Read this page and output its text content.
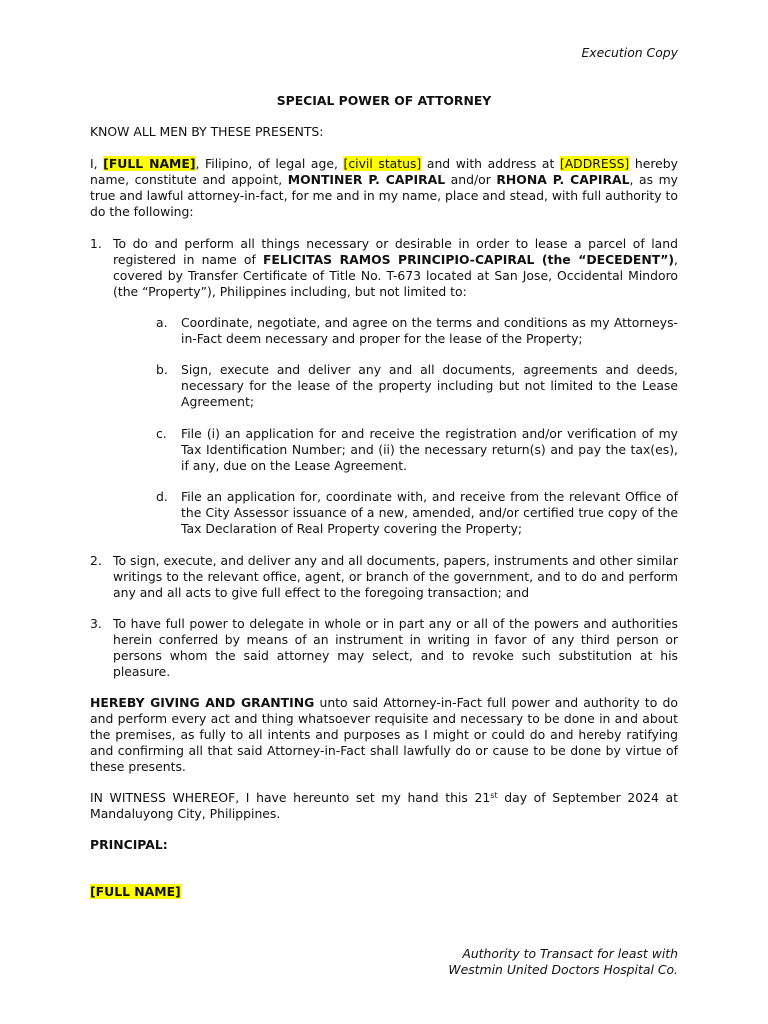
Execution Copy

SPECIAL POWER OF ATTORNEY

KNOW ALL MEN BY THESE PRESENTS:

I, [FULL NAME], Filipino, of legal age, [civil status] and with address at [ADDRESS] hereby name, constitute and appoint, MONTINER P. CAPIRAL and/or RHONA P. CAPIRAL, as my true and lawful attorney-in-fact, for me and in my name, place and stead, with full authority to do the following:

1. To do and perform all things necessary or desirable in order to lease a parcel of land registered in name of FELICITAS RAMOS PRINCIPIO-CAPIRAL (the “DECEDENT”), covered by Transfer Certificate of Title No. T-673 located at San Jose, Occidental Mindoro (the “Property”), Philippines including, but not limited to:

a.	Coordinate, negotiate, and agree on the terms and conditions as my Attorneys-in-Fact deem necessary and proper for the lease of the Property;

b.	Sign, execute and deliver any and all documents, agreements and deeds, necessary for the lease of the property including but not limited to the Lease Agreement;

c.	File (i) an application for and receive the registration and/or verification of my Tax Identification Number; and (ii) the necessary return(s) and pay the tax(es), if any, due on the Lease Agreement.

d.	File an application for, coordinate with, and receive from the relevant Office of the City Assessor issuance of a new, amended, and/or certified true copy of the Tax Declaration of Real Property covering the Property;

2. To sign, execute, and deliver any and all documents, papers, instruments and other similar writings to the relevant office, agent, or branch of the government, and to do and perform any and all acts to give full effect to the foregoing transaction; and

3. To have full power to delegate in whole or in part any or all of the powers and authorities herein conferred by means of an instrument in writing in favor of any third person or persons whom the said attorney may select, and to revoke such substitution at his pleasure.

HEREBY GIVING AND GRANTING unto said Attorney-in-Fact full power and authority to do and perform every act and thing whatsoever requisite and necessary to be done in and about the premises, as fully to all intents and purposes as I might or could do and hereby ratifying and confirming all that said Attorney-in-Fact shall lawfully do or cause to be done by virtue of these presents.

IN WITNESS WHEREOF, I have hereunto set my hand this 21st day of September 2024 at Mandaluyong City, Philippines.

PRINCIPAL:

[FULL NAME]

Authority to Transact for least with

Westmin United Doctors Hospital Co.
